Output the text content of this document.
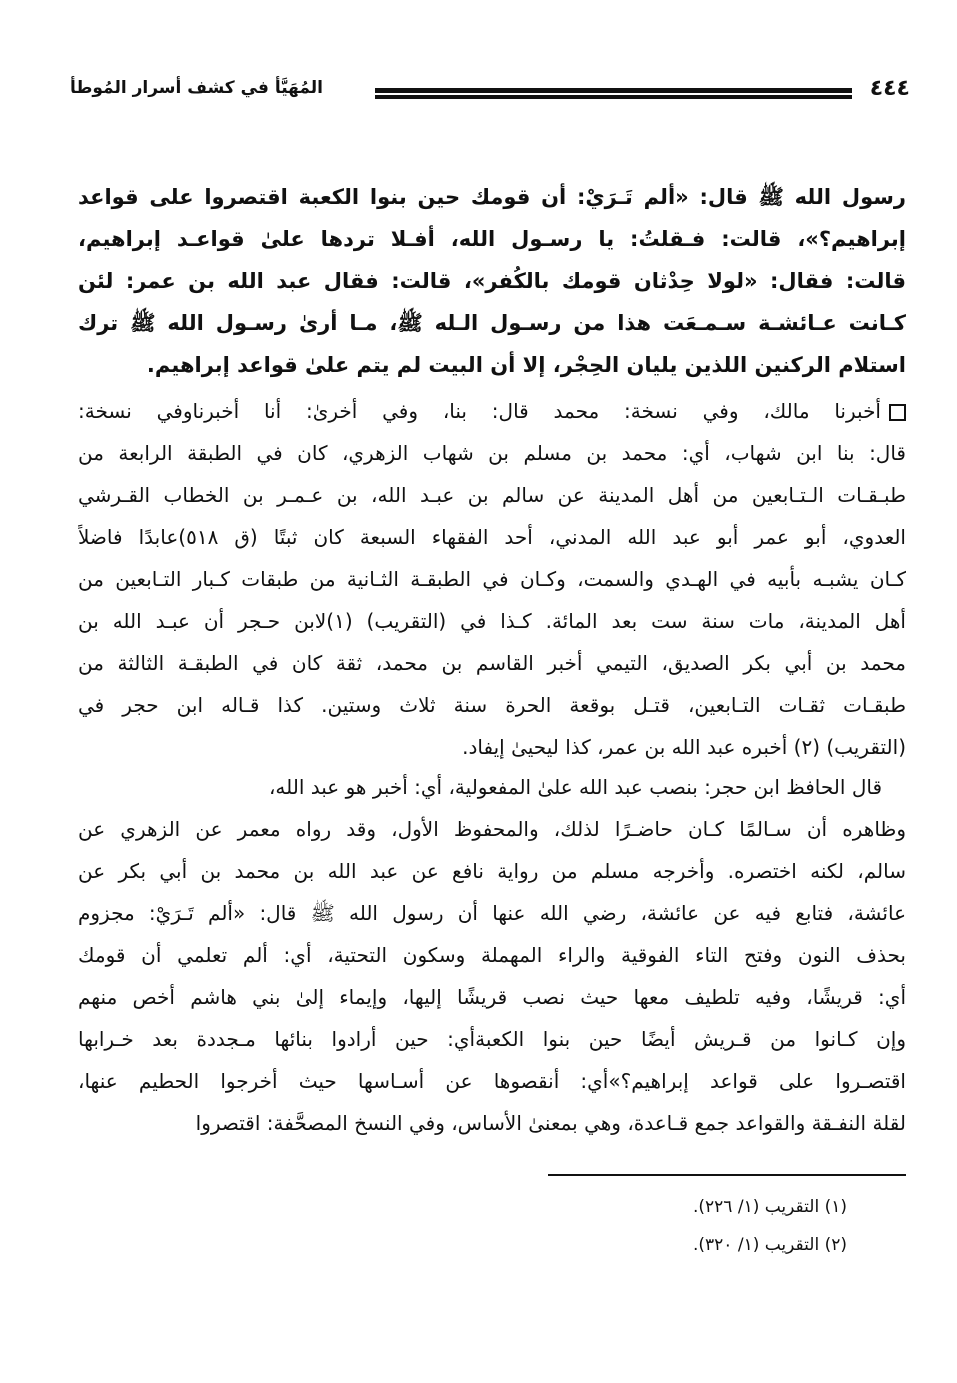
٤٤٤
المُهَيَّأ في كشف أسرار المُوطأ
رسول الله ﷺ قال: «ألم تَـرَيْ: أن قومك حين بنوا الكعبة اقتصروا على قواعد
إبراهيم؟»، قالت: فـقلتُ: يا رسـول الله، أفـلا تردها علىٰ قواعـد إبراهيم،
قالت: فقال: «لولا حِدْثان قومك بالكُفر»، قالت: فقال عبد الله بن عمر: لئن
كـانت عـائشـة سـمـعَت هذا من رسـول الـله ﷺ، مـا أرىٰ رسـول الله ﷺ ترك
استلام الركنين اللذين يليان الحِجْر، إلا أن البيت لم يتم علىٰ قواعد إبراهيم.
أخبرنا مالك، وفي نسخة: محمد قال: بنا، وفي أخرىٰ: أنا أخبرناوفي نسخة:
قال: بنا ابن شهاب، أي: محمد بن مسلم بن شهاب الزهري، كان في الطبقة الرابعة من
طبـقـات الـتـابعين من أهل المدينة عن سالم بن عبـد الله، بن عـمـر بن الخطاب القـرشي
العدوي، أبو عمر أبو عبد الله المدني، أحد الفقهاء السبعة كان ثبتًا (ق ٥١٨)عابدًا فاضلاً
كـان يشبـه بأبيه في الهـدي والسمت، وكـان في الطبقـة الثـانية من طبقات كـبار التـابعين من
أهل المدينة، مات سنة ست بعد المائة. كـذا في (التقريب) (١)لابن حـجر أن عبـد الله بن
محمد بن أبي بكر الصديق، التيمي أخبر القاسم بن محمد، ثقة كان في الطبقـة الثالثة من
طبقـات ثقـات التـابعين، قتـل بوقعة الحرة سنة ثلاث وستين. كذا قـاله ابن حجر في
(التقريب) (٢) أخبره عبد الله بن عمر، كذا ليحيىٰ إيفاد.
قال الحافظ ابن حجر: بنصب عبد الله علىٰ المفعولية، أي: أخبر هو عبد الله،
وظاهره أن سـالمًا كـان حاضـرًا لذلك، والمحفوظ الأول، وقد رواه معمر عن الزهري عن
سالم، لكنه اختصره. وأخرجه مسلم من رواية نافع عن عبد الله بن محمد بن أبي بكر عن
عائشة، فتابع فيه عن عائشة، رضي الله عنها أن رسول الله ﷺ قال: «ألم تَـرَيْ: مجزوم
بحذف النون وفتح التاء الفوقية والراء المهملة وسكون التحتية، أي: ألم تعلمي أن قومك
أي: قريشًا، وفيه تلطيف معها حيث نصب قريشًا إليها، وإيماء إلىٰ بني هاشم أخص منهم
وإن كـانوا من قـريش أيضًا حين بنوا الكعبةأي: حين أرادوا بنائها مـجددة بعد خـرابها
اقتصـروا على قواعد إبراهيم؟»أي: أنقصوها عن أسـاسها حيث أخرجوا الحطيم عنها،
لقلة النفـقة والقواعد جمع قـاعدة، وهي بمعنىٰ الأساس، وفي النسخ المصحَّفة: اقتصروا
(١) التقريب (١/ ٢٢٦).
(٢) التقريب (١/ ٣٢٠).
